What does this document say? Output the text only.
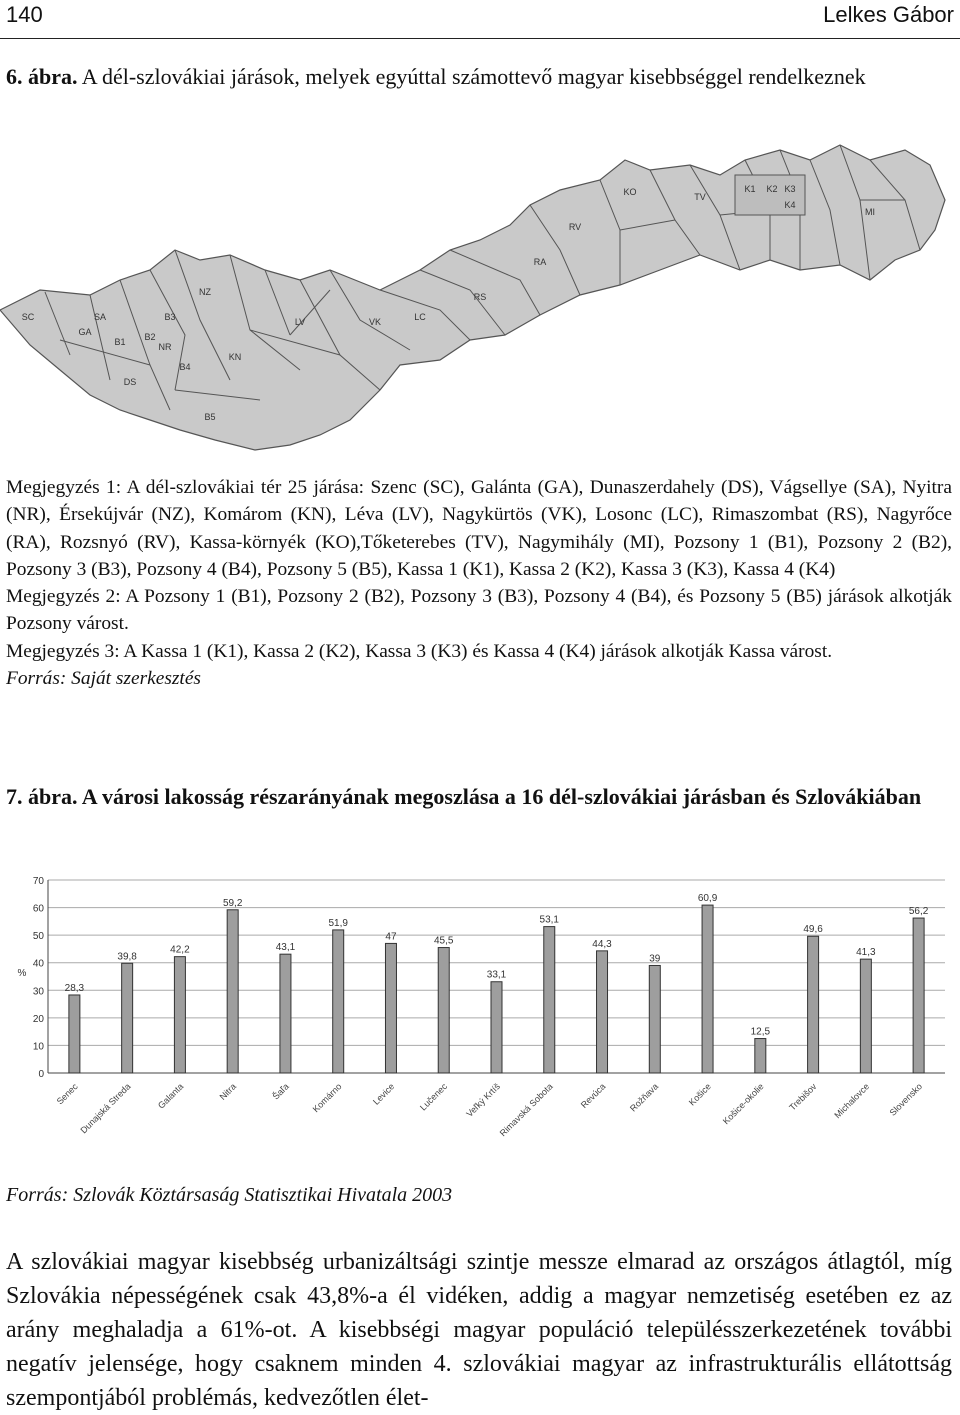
140	Lelkes Gábor
6. ábra. A dél-szlovákiai járások, melyek egyúttal számottevő magyar kisebbséggel rendelkeznek
SC
GA
DS
SA
NR
NZ
KN
LV	VK	LC
RS
RA
RV
KO	TV
MI
B1 B2
B3
B4
B5
K1 K2 K3
K4

Megjegyzés 1: A dél-szlovákiai tér 25 járása: Szenc (SC), Galánta (GA), Dunaszerdahely (DS), Vágsellye (SA), Nyitra (NR), Érsekújvár (NZ), Komárom (KN), Léva (LV), Nagykürtös (VK), Losonc (LC), Rimaszombat (RS), Nagyrőce (RA), Rozsnyó (RV), Kassa-környék (KO),Tőketerebes (TV), Nagymihály (MI), Pozsony 1 (B1), Pozsony 2 (B2), Pozsony 3 (B3), Pozsony 4 (B4), Pozsony 5 (B5), Kassa 1 (K1), Kassa 2 (K2), Kassa 3 (K3), Kassa 4 (K4)

Megjegyzés 2: A Pozsony 1 (B1), Pozsony 2 (B2), Pozsony 3 (B3), Pozsony 4 (B4), és Pozsony 5 (B5) járások alkotják Pozsony várost.

Megjegyzés 3: A Kassa 1 (K1), Kassa 2 (K2), Kassa 3 (K3) és Kassa 4 (K4) járások alkotják Kassa várost.

Forrás: Saját szerkesztés

7. ábra. A városi lakosság részarányának megoszlása a 16 dél-szlovákiai járásban és Szlovákiában
0
10
20
30
40
50
60
70
%
28,3
39,8
42,2
59,2
43,1
51,9
47	45,5
33,1
53,1
44,3
39
60,9
12,5
49,6
41,3
56,2
Senec
Dunajská Streda	Galanta	Nitra	Šaľa Komárno	Levice Lučenec Veľký Krtíš
Rimavská Sobota	Revúca Rožňava	Košice Košice-okolie Trebišov Michalovce Slovensko
Forrás: Szlovák Köztársaság Statisztikai Hivatala 2003

A szlovákiai magyar kisebbség urbanizáltsági szintje messze elmarad az országos átlagtól, míg Szlovákia népességének csak 43,8%-a él vidéken, addig a magyar nemzetiség esetében ez az arány meghaladja a 61%-ot. A kisebbségi magyar populáció településszerkezetének további negatív jelensége, hogy csaknem minden 4. szlovákiai magyar az infrastrukturális ellátottság szempontjából problémás, kedvezőtlen élet-
